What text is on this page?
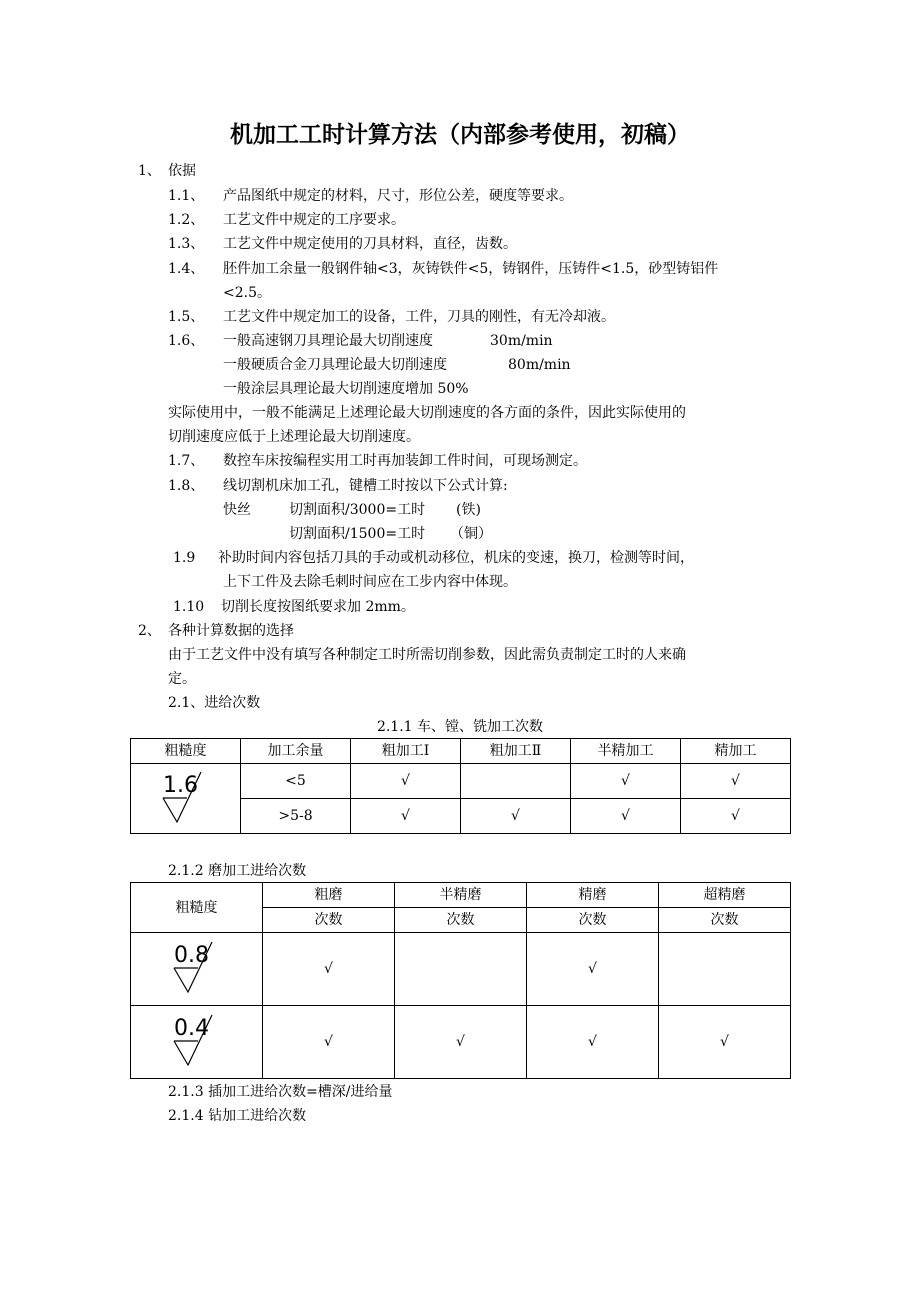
机加工工时计算方法（内部参考使用，初稿）
1、 依据
1.1、 产品图纸中规定的材料，尺寸，形位公差，硬度等要求。
1.2、 工艺文件中规定的工序要求。
1.3、 工艺文件中规定使用的刀具材料，直径，齿数。
1.4、 胚件加工余量一般钢件轴<3，灰铸铁件<5，铸钢件，压铸件<1.5，砂型铸铝件
<2.5。
1.5、 工艺文件中规定加工的设备，工件，刀具的刚性，有无冷却液。
1.6、 一般高速钢刀具理论最大切削速度	30m/min
一般硬质合金刀具理论最大切削速度	80m/min
一般涂层具理论最大切削速度增加 50%
实际使用中，一般不能满足上述理论最大切削速度的各方面的条件，因此实际使用的
切削速度应低于上述理论最大切削速度。
1.7、 数控车床按编程实用工时再加装卸工件时间，可现场测定。
1.8、 线切割机床加工孔，键槽工时按以下公式计算:
快丝	切割面积/3000=工时 (铁)
切割面积/1500=工时 （铜）
1.9 补助时间内容包括刀具的手动或机动移位，机床的变速，换刀，检测等时间，
上下工件及去除毛刺时间应在工步内容中体现。
1.10 切削长度按图纸要求加 2mm。
2、 各种计算数据的选择
由于工艺文件中没有填写各种制定工时所需切削参数，因此需负责制定工时的人来确
定。
2.1、进给次数
2.1.1 车、镗、铣加工次数
粗糙度	加工余量	粗加工Ⅰ	粗加工Ⅱ	半精加工	精加工

1.6	<5	√		√	√
	>5-8	√	√	√	√
2.1.2 磨加工进给次数
粗糙度	粗磨	半精磨	精磨	超精磨
	次数	次数	次数	次数

0.8	√		√	

0.4	√	√	√	√
2.1.3 插加工进给次数=槽深/进给量
2.1.4 钻加工进给次数
